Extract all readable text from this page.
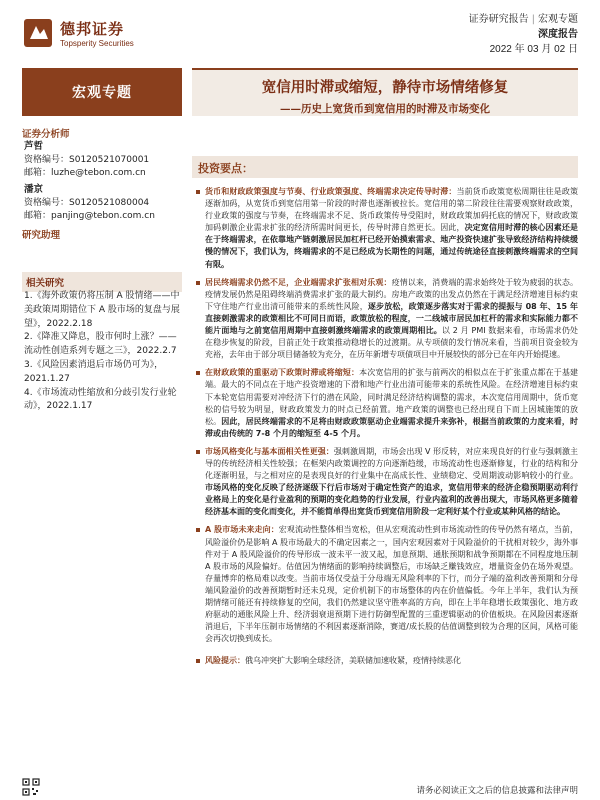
德邦证券
Topsperity Securities
证券研究报告 | 宏观专题
深度报告
2022 年 03 月 02 日
宏观专题
证券分析师
芦哲
资格编号：S0120521070001
邮箱：luzhe@tebon.com.cn
潘京
资格编号：S0120521080004
邮箱：panjing@tebon.com.cn
研究助理
相关研究

1.《海外政策仍将压制 A 股情绪——中美政策周期错位下 A 股市场的复盘与展望》，2022.2.18

2.《降准又降息，股市何时上涨？——流动性创造系列专题之三》，2022.2.7

3.《风险因素消退后市场仍可为》，2021.1.27

4.《市场流动性缩放和分歧引发行业轮动》，2022.1.17

宽信用时滞或缩短，静待市场情绪修复
——历史上宽货币到宽信用的时滞及市场变化
投资要点：
货币和财政政策强度与节奏、行业政策强度、终端需求决定传导时滞：当前货币政策宽松周期往往是政策逐渐加码，从宽货币到宽信用第一阶段的时滞也逐渐被拉长。宽信用的第二阶段往往需要观察财政政策，行业政策的强度与节奏，在终端需求不足、货币政策传导受阻时，财政政策加码托底的情况下，财政政策加码刺激企业需求扩张的经济所需时间更长，传导时滞自然更长。因此，决定宽信用时滞的核心因素还是在于终端需求，在依靠地产链刺激居民加杠杆已经开始摸索需求、地产投资快速扩张导致经济结构持续缓慢的情况下，我们认为，终端需求的不足已经成为长期性的问题，通过传统途径直接刺激终端需求的空间有限。
居民终端需求仍然不足，企业端需求扩张相对乐观：疫情以来，消费端的需求始终处于较为疲弱的状态。疫情发展仍然是阻碍终端消费需求扩张的最大制约。房地产政策的出发点仍然在于满足经济增速目标约束下守住地产行业出清可能带来的系统性风险，逐步放松，政策逐步落实对于需求的提振与 08 年、15 年直接刺激需求的政策相比不可同日而语，政策放松的程度，一二线城市居民加杠杆的需求和实际能力都不能片面地与之前宽信用周期中直接刺激终端需求的政策周期相比。以 2 月 PMI 数据来看，市场需求仍处在稳步恢复的阶段，目前正处于政策推动稳增长的过渡期。从专项债的发行情况来看，当前项目资金较为充裕，去年由于部分项目储备较为充分，在历年新增专项债项目中开展较快的部分已在年内开始提速。
在财政政策的重驱动下政策时滞或将缩短：本次宽信用的扩张与前两次的相似点在于扩张重点都在于基建端。最大的不同点在于地产投资增速的下滑和地产行业出清可能带来的系统性风险。在经济增速目标约束下本轮宽信用需要对冲经济下行的潜在风险，同时满足经济结构调整的需求，本次宽信用周期中，货币宽松的信号较为明显，财政政策发力的时点已经前置。地产政策的调整也已经出现自下而上因城施策的放松。因此，居民终端需求的不足将由财政政策驱动企业端需求提升来弥补，根据当前政策的力度来看，时滞或由传统的 7-8 个月的缩短至 4-5 个月。
市场风格变化与基本面相关性更强：强刺激周期，市场会出现 V 形反转，对应来现良好的行业与强刺激主导的传统经济相关性较强；在框架内政策调控的方向逐渐趋缓，市场流动性也逐渐修复，行业的结构和分化逐渐明显，与之相对应的是表现良好的行业集中在高成长性、业绩稳定、受周期波动影响较小的行业。市场风格的变化反映了经济逐级下行后市场对于确定性资产的追求，宽信用带来的经济企稳预期驱动利行业格局上的变化是行业盈利的预期的变化趋势的行业发展，行业内盈利的改善出现大，市场风格更多随着经济基本面的变化而变化，并不能简单得出宽货币到宽信用阶段一定利好某个行业或某种风格的结论。
A 股市场未来走向：宏观流动性整体相当宽松，但从宏观流动性到市场流动性的传导仍然有堵点，当前，风险溢价仍是影响 A 股市场最大的不确定因素之一，国内宏观因素对于风险溢价的干扰相对较少，海外事件对于 A 股风险溢价的传导形成一波未平一波又起，加息预期、通胀预期和战争预期都在不同程度地压制 A 股市场的风险偏好。估值因为情绪面的影响持续调整后，市场缺乏赚钱效应，增量资金仍在场外观望。存量博弈的格局难以改变。当前市场仅受益于分母端无风险利率的下行，而分子端的盈利改善预期和分母端风险溢价的改善预期暂时还未兑现，定价机制下的市场整体的内在价值偏低。今年上半年，我们认为预期情绪可能还有持续修复的空间，我们仍然建议坚守胜率高的方向，即在上半年稳增长政策强化、地方政府驱动的通胀风险上升、经济弱衰退预期下进行防御型配置的三重逻辑驱动的价值板块。在风险因素逐渐消退后，下半年压制市场情绪的不利因素逐渐消除，赛道/成长股的估值调整到较为合理的区间，风格可能会再次切换到成长。
风险提示：俄乌冲突扩大影响全球经济，美联储加速收紧，疫情持续恶化
请务必阅读正文之后的信息披露和法律声明
